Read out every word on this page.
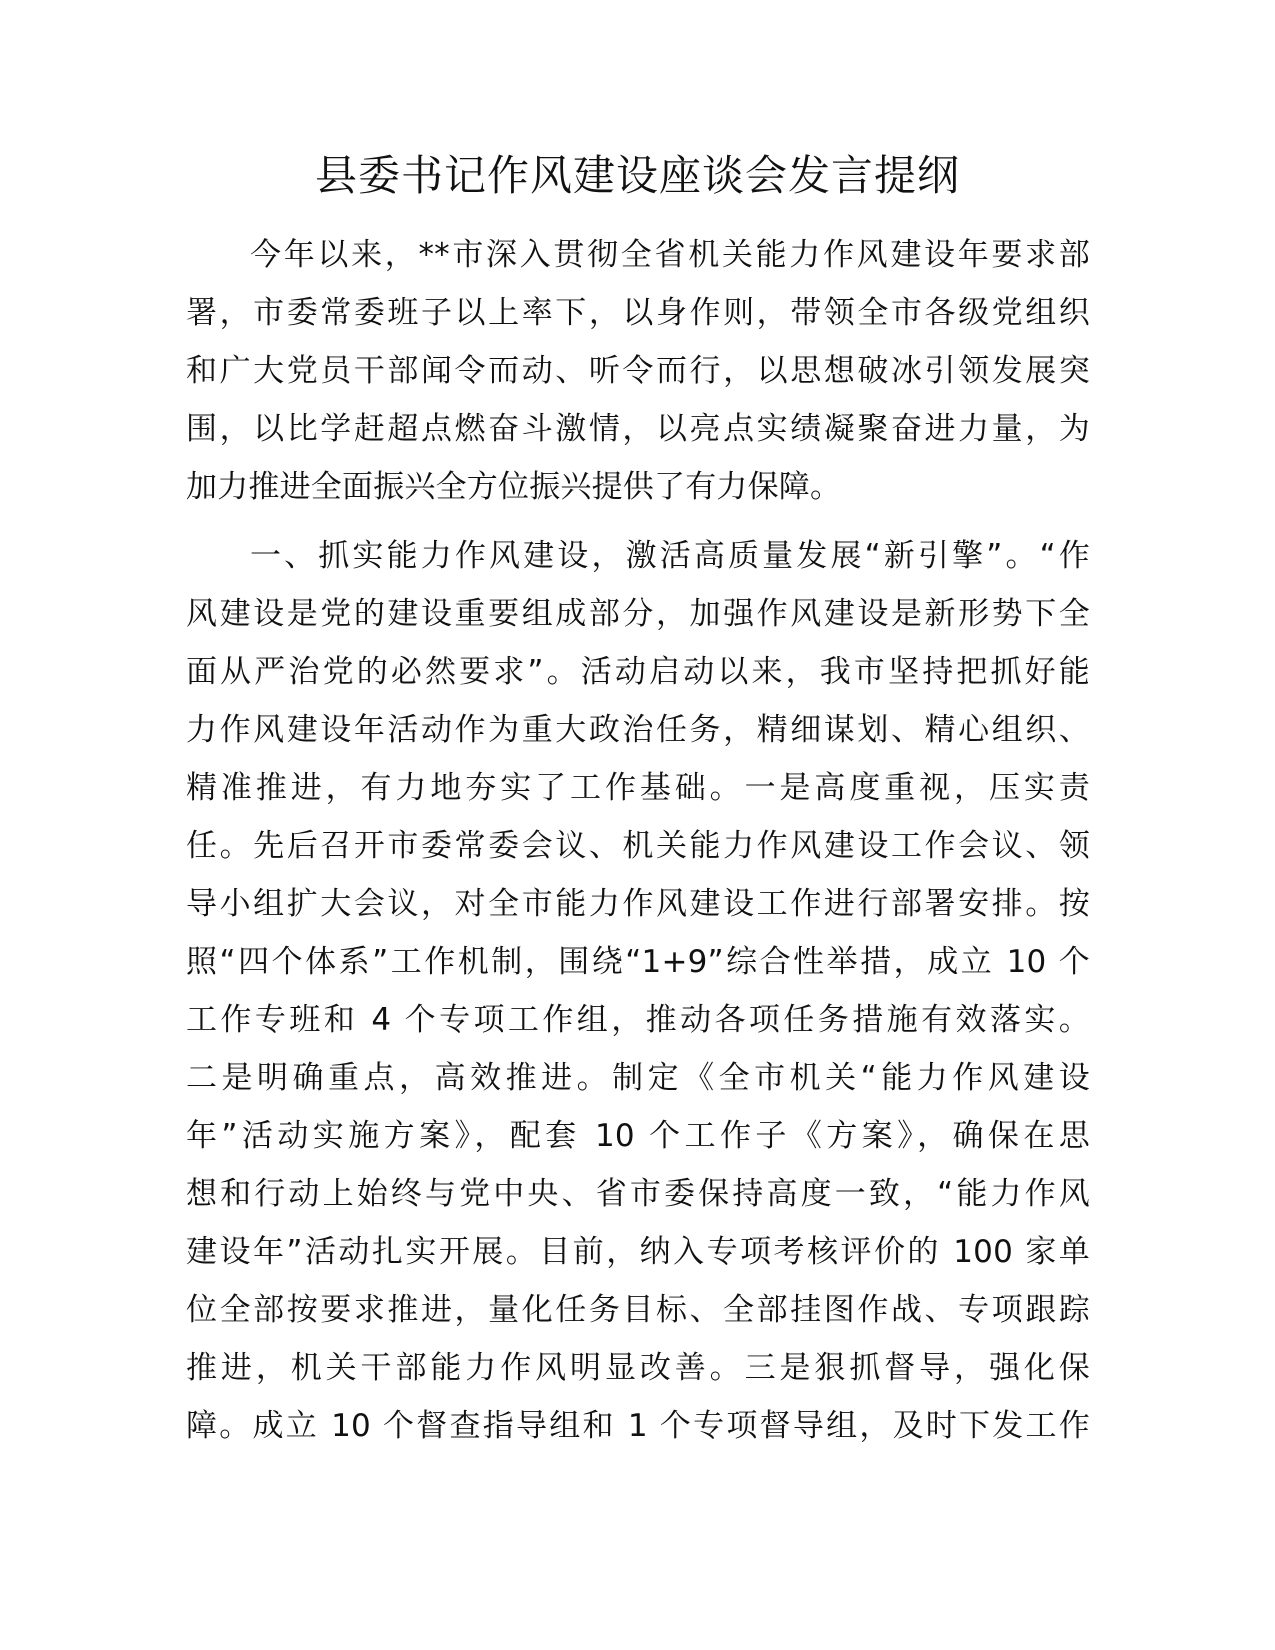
县委书记作风建设座谈会发言提纲
今年以来，**市深入贯彻全省机关能力作风建设年要求部
署，市委常委班子以上率下，以身作则，带领全市各级党组织
和广大党员干部闻令而动、听令而行，以思想破冰引领发展突
围，以比学赶超点燃奋斗激情，以亮点实绩凝聚奋进力量，为
加力推进全面振兴全方位振兴提供了有力保障。
一、抓实能力作风建设，激活高质量发展“新引擎”。“作
风建设是党的建设重要组成部分，加强作风建设是新形势下全
面从严治党的必然要求”。活动启动以来，我市坚持把抓好能
力作风建设年活动作为重大政治任务，精细谋划、精心组织、
精准推进，有力地夯实了工作基础。一是高度重视，压实责
任。先后召开市委常委会议、机关能力作风建设工作会议、领
导小组扩大会议，对全市能力作风建设工作进行部署安排。按
照“四个体系”工作机制，围绕“1+9”综合性举措，成立 10 个
工作专班和 4 个专项工作组，推动各项任务措施有效落实。
二是明确重点，高效推进。制定《全市机关“能力作风建设
年”活动实施方案》，配套 10 个工作子《方案》，确保在思
想和行动上始终与党中央、省市委保持高度一致，“能力作风
建设年”活动扎实开展。目前，纳入专项考核评价的 100 家单
位全部按要求推进，量化任务目标、全部挂图作战、专项跟踪
推进，机关干部能力作风明显改善。三是狠抓督导，强化保
障。成立 10 个督查指导组和 1 个专项督导组，及时下发工作
